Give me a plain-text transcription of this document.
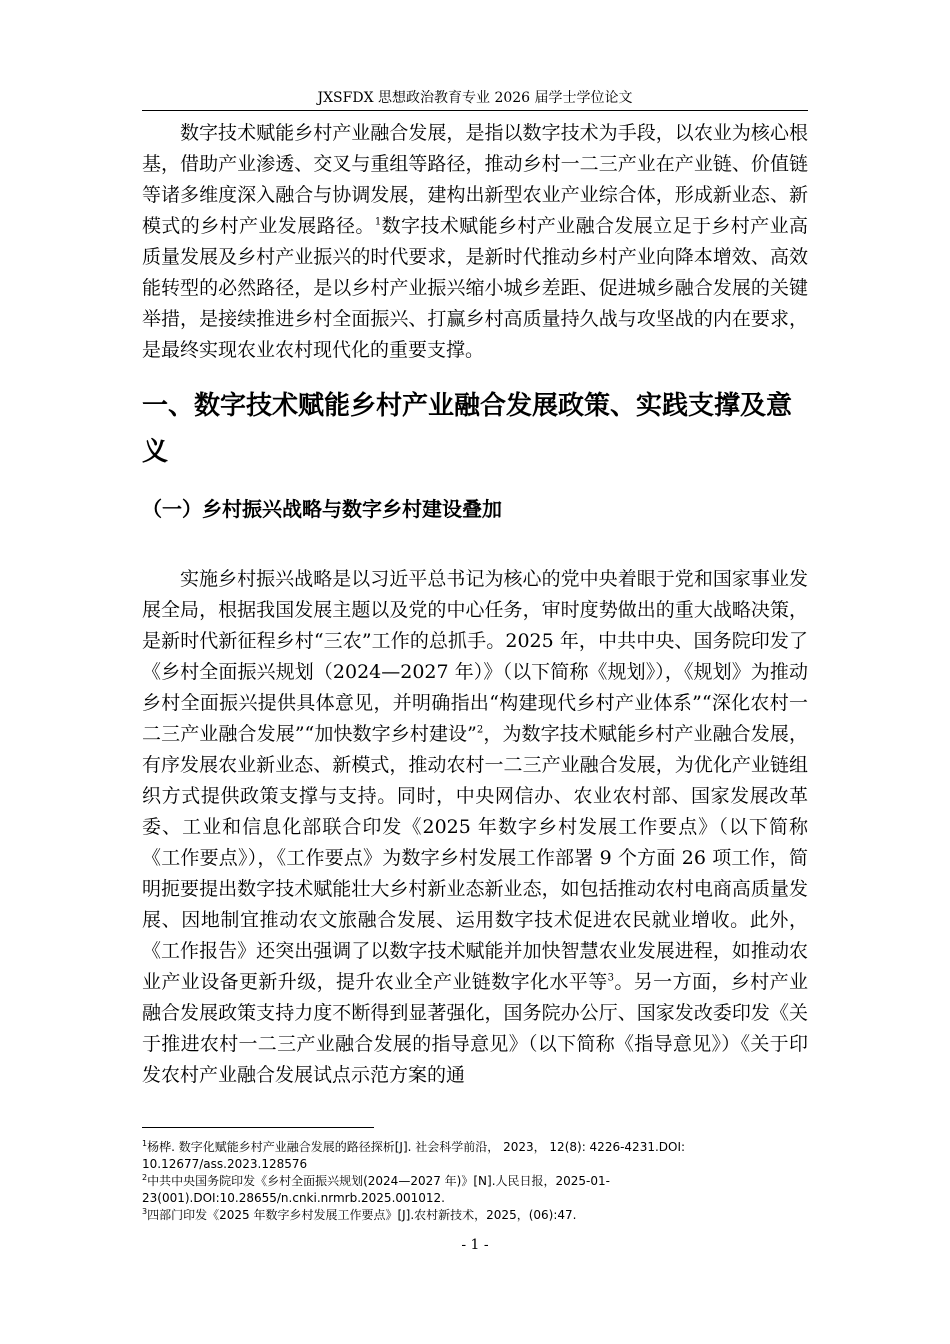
JXSFDX 思想政治教育专业 2026 届学士学位论文

数字技术赋能乡村产业融合发展，是指以数字技术为手段，以农业为核心根基，借助产业渗透、交叉与重组等路径，推动乡村一二三产业在产业链、价值链等诸多维度深入融合与协调发展，建构出新型农业产业综合体，形成新业态、新模式的乡村产业发展路径。$^1$数字技术赋能乡村产业融合发展立足于乡村产业高质量发展及乡村产业振兴的时代要求，是新时代推动乡村产业向降本增效、高效能转型的必然路径，是以乡村产业振兴缩小城乡差距、促进城乡融合发展的关键举措，是接续推进乡村全面振兴、打赢乡村高质量持久战与攻坚战的内在要求，是最终实现农业农村现代化的重要支撑。

一、数字技术赋能乡村产业融合发展政策、实践支撑及意义
（一）乡村振兴战略与数字乡村建设叠加

实施乡村振兴战略是以习近平总书记为核心的党中央着眼于党和国家事业发展全局，根据我国发展主题以及党的中心任务，审时度势做出的重大战略决策，是新时代新征程乡村“三农”工作的总抓手。2025 年，中共中央、国务院印发了《乡村全面振兴规划（2024—2027 年）》（以下简称《规划》），《规划》为推动乡村全面振兴提供具体意见，并明确指出“构建现代乡村产业体系”“深化农村一二三产业融合发展”“加快数字乡村建设”$^2$，为数字技术赋能乡村产业融合发展，有序发展农业新业态、新模式，推动农村一二三产业融合发展，为优化产业链组织方式提供政策支撑与支持。同时，中央网信办、农业农村部、国家发展改革委、工业和信息化部联合印发《2025 年数字乡村发展工作要点》（以下简称《工作要点》），《工作要点》为数字乡村发展工作部署 9 个方面 26 项工作，简明扼要提出数字技术赋能壮大乡村新业态新业态，如包括推动农村电商高质量发展、因地制宜推动农文旅融合发展、运用数字技术促进农民就业增收。此外，《工作报告》还突出强调了以数字技术赋能并加快智慧农业发展进程，如推动农业产业设备更新升级，提升农业全产业链数字化水平等$^3$。另一方面，乡村产业融合发展政策支持力度不断得到显著强化，国务院办公厅、国家发改委印发《关于推进农村一二三产业融合发展的指导意见》（以下简称《指导意见》）《关于印发农村产业融合发展试点示范方案的通

$^1$杨桦. 数字化赋能乡村产业融合发展的路径探析[J]. 社会科学前沿， 2023， 12(8): 4226-4231.DOI: 10.12677/ass.2023.128576

$^2$中共中央国务院印发《乡村全面振兴规划(2024—2027 年)》[N].人民日报，2025-01-23(001).DOI:10.28655/n.cnki.nrmrb.2025.001012.

$^3$四部门印发《2025 年数字乡村发展工作要点》[J].农村新技术，2025，(06):47.

- 1 -
